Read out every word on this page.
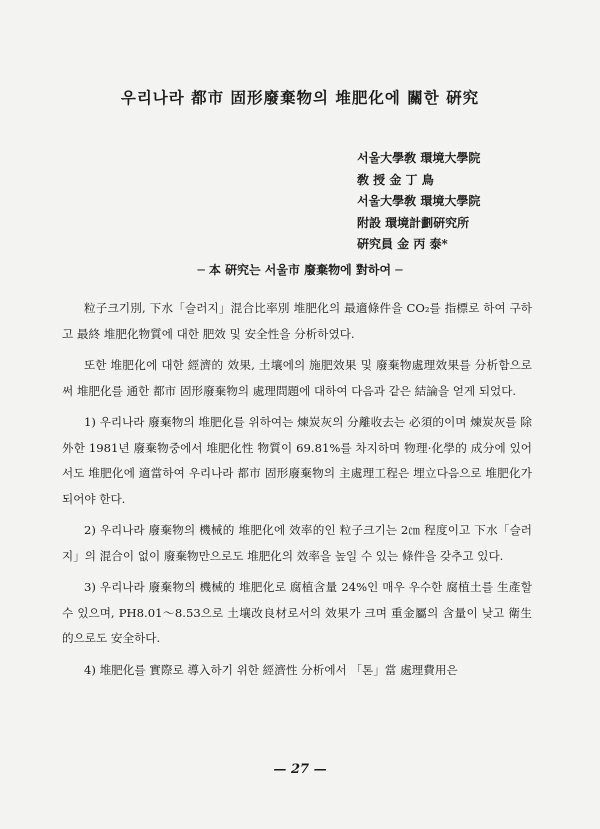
우리나라 都市 固形廢棄物의 堆肥化에 關한 硏究
서울大學敎 環境大學院
敎 授 金 丁 鳥
서울大學敎 環境大學院
附設 環境計劃硏究所
硏究員 金 丙 泰*
─ 本 硏究는 서울市 廢棄物에 對하여 ─

粒子크기別, 下水「슬러지」混合比率別 堆肥化의 最適條件을 CO₂를 指標로 하여 구하고 最終 堆肥化物質에 대한 肥效 및 安全性을 分析하였다.

또한 堆肥化에 대한 經濟的 效果, 土壤에의 施肥效果 및 廢棄物處理效果를 分析함으로써 堆肥化를 通한 都市 固形廢棄物의 處理問題에 대하여 다음과 같은 結論을 얻게 되었다.

1) 우리나라 廢棄物의 堆肥化를 위하여는 煉炭灰의 分離收去는 必須的이며 煉炭灰를 除外한 1981년 廢棄物중에서 堆肥化性 物質이 69.81%를 차지하며 物理·化學的 成分에 있어서도 堆肥化에 適當하여 우리나라 都市 固形廢棄物의 主處理工程은 埋立다음으로 堆肥化가 되어야 한다.

2) 우리나라 廢棄物의 機械的 堆肥化에 效率的인 粒子크기는 2㎝ 程度이고 下水「슬러지」의 混合이 없이 廢棄物만으로도 堆肥化의 效率을 높일 수 있는 條件을 갖추고 있다.

3) 우리나라 廢棄物의 機械的 堆肥化로 腐植含量 24%인 매우 우수한 腐植土를 生產할 수 있으며, PH8.01～8.53으로 土壤改良材로서의 效果가 크며 重金屬의 含量이 낮고 衛生的으로도 安全하다.

4) 堆肥化를 實際로 導入하기 위한 經濟性 分析에서 「톤」當 處理費用은

— 27 —
